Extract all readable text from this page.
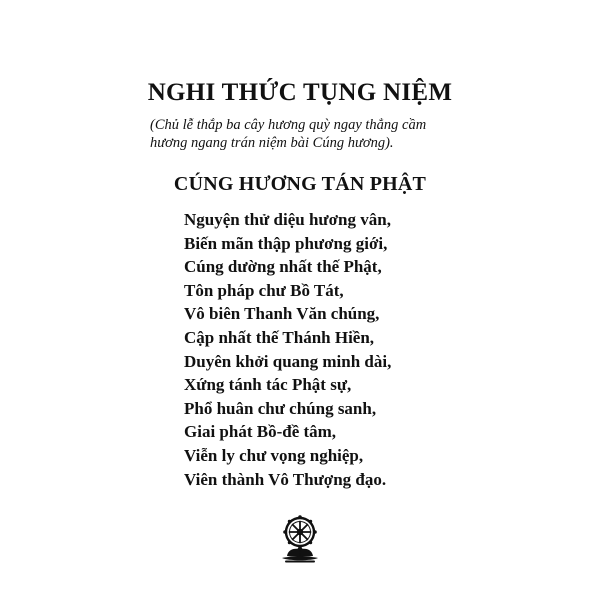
NGHI THỨC TỤNG NIỆM
(Chủ lễ thắp ba cây hương quỳ ngay thẳng cầm
hương ngang trán niệm bài Cúng hương).
CÚNG HƯƠNG TÁN PHẬT
Nguyện thử diệu hương vân,
Biến mãn thập phương giới,
Cúng dường nhất thế Phật,
Tôn pháp chư Bồ Tát,
Vô biên Thanh Văn chúng,
Cập nhất thế Thánh Hiền,
Duyên khởi quang minh dài,
Xứng tánh tác Phật sự,
Phổ huân chư chúng sanh,
Giai phát Bồ-đề tâm,
Viễn ly chư vọng nghiệp,
Viên thành Vô Thượng đạo.
